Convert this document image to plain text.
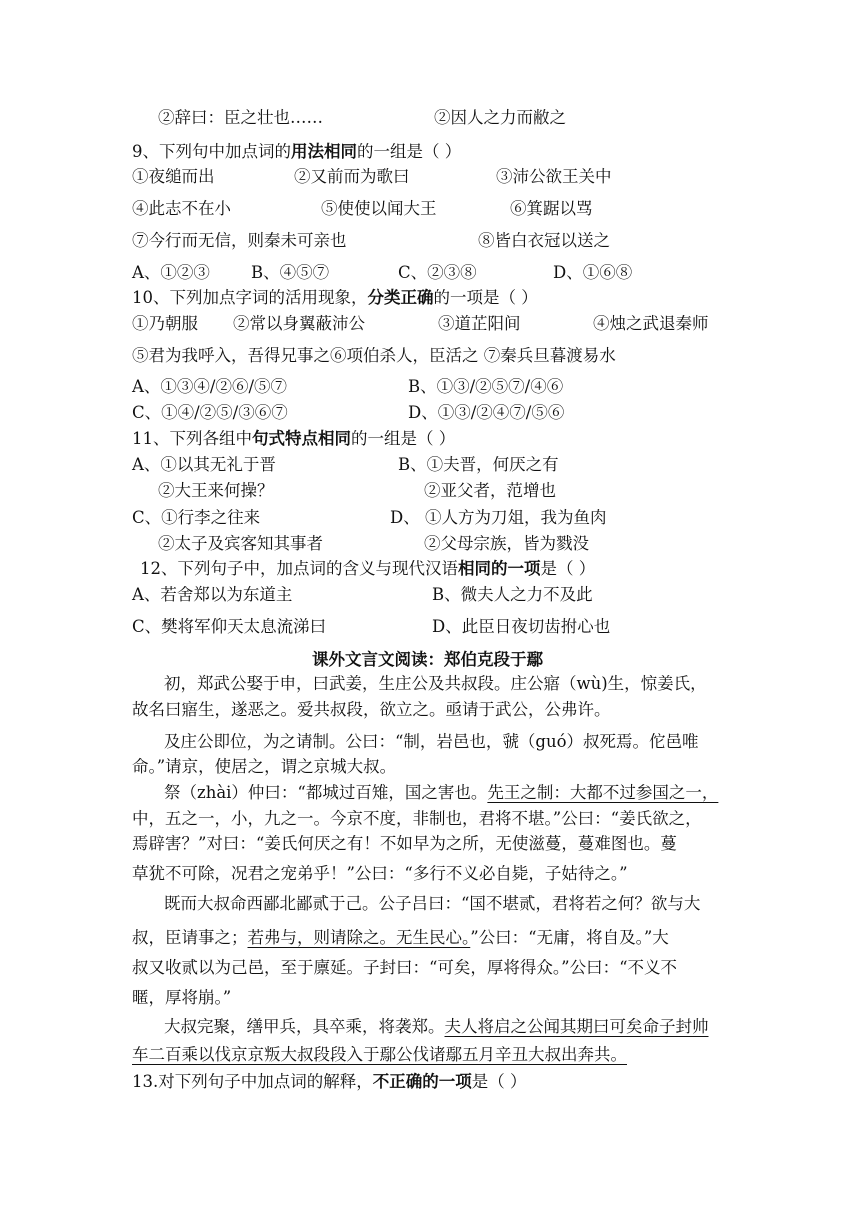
②辞曰：臣之壮也……	②因人之力而敝之
9、下列句中加点词的用法相同的一组是（ ）
①夜缒而出	②又前而为歌曰	③沛公欲王关中
④此志不在小	⑤使使以闻大王	⑥箕踞以骂
⑦今行而无信，则秦未可亲也	⑧皆白衣冠以送之
A、①②③ B、④⑤⑦	C、②③⑧	D、①⑥⑧
10、下列加点字词的活用现象，分类正确的一项是（ ）
①乃朝服 ②常以身翼蔽沛公	③道芷阳间	④烛之武退秦师
⑤君为我呼入，吾得兄事之⑥项伯杀人，臣活之 ⑦秦兵旦暮渡易水
A、①③④/②⑥/⑤⑦	B、①③/②⑤⑦/④⑥
C、①④/②⑤/③⑥⑦	D、①③/②④⑦/⑤⑥
11、下列各组中句式特点相同的一组是（ ）
A、①以其无礼于晋	B、①夫晋，何厌之有
②大王来何操？	②亚父者，范增也
C、①行李之往来	D、 ①人方为刀俎，我为鱼肉
②太子及宾客知其事者	②父母宗族，皆为戮没
12、下列句子中，加点词的含义与现代汉语相同的一项是（ ）
A、若舍郑以为东道主	B、微夫人之力不及此
C、樊将军仰天太息流涕曰	D、此臣日夜切齿拊心也
课外文言文阅读：郑伯克段于鄢
初，郑武公娶于申，曰武姜，生庄公及共叔段。庄公寤（wù)生，惊姜氏，
故名曰寤生，遂恶之。爱共叔段，欲立之。亟请于武公，公弗许。
及庄公即位，为之请制。公曰：“制，岩邑也，虢（guó）叔死焉。佗邑唯
命。”请京，使居之，谓之京城大叔。
祭（zhài）仲曰：“都城过百雉，国之害也。先王之制：大都不过参国之一，
中，五之一，小，九之一。今京不度，非制也，君将不堪。”公曰：“姜氏欲之，
焉辟害？”对曰：“姜氏何厌之有！不如早为之所，无使滋蔓，蔓难图也。蔓
草犹不可除，况君之宠弟乎！”公曰：“多行不义必自毙，子姑待之。”
既而大叔命西鄙北鄙贰于己。公子吕曰：“国不堪贰，君将若之何？欲与大
叔，臣请事之；若弗与，则请除之。无生民心。”公曰：“无庸，将自及。”大
叔又收贰以为己邑，至于廪延。子封曰：“可矣，厚将得众。”公曰：“不义不
暱，厚将崩。”
大叔完聚，缮甲兵，具卒乘，将袭郑。夫人将启之公闻其期曰可矣命子封帅
车二百乘以伐京京叛大叔段段入于鄢公伐诸鄢五月辛丑大叔出奔共。
13.对下列句子中加点词的解释，不正确的一项是（ ）
